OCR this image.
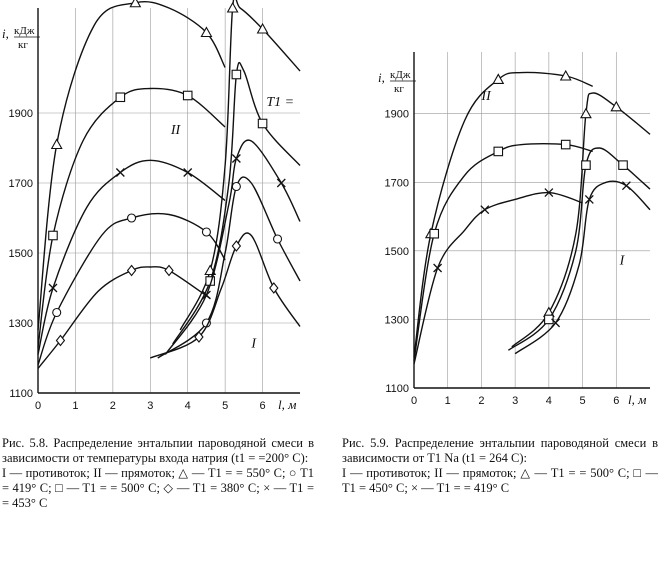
0	1	2	3	4	5	6
1100
1300
1500
1700
1900
l, м
i, кДж
кг
II
I
Т1 =
0	1	2	3	4	5	6
1100
1300
1500
1700
1900
l, м
i, кДж
кг	II
I
Рис. 5.8. Распределение энтальпии пароводяной смеси в зависимости от температуры входа натрия (t1 = =200° C):
I — противоток; II — прямоток; △ — T1 = = 550° C; ○ T1 = 419° C; □ — T1 = = 500° C; ◇ — T1 = 380° C; × — T1 = = 453° C
Рис. 5.9. Распределение энтальпии пароводяной смеси в зависимости от T1 Na (t1 = 264 C):
I — противоток; II — прямоток; △ — T1 = = 500° C; □ — T1 = 450° C; × — T1 = = 419° C
